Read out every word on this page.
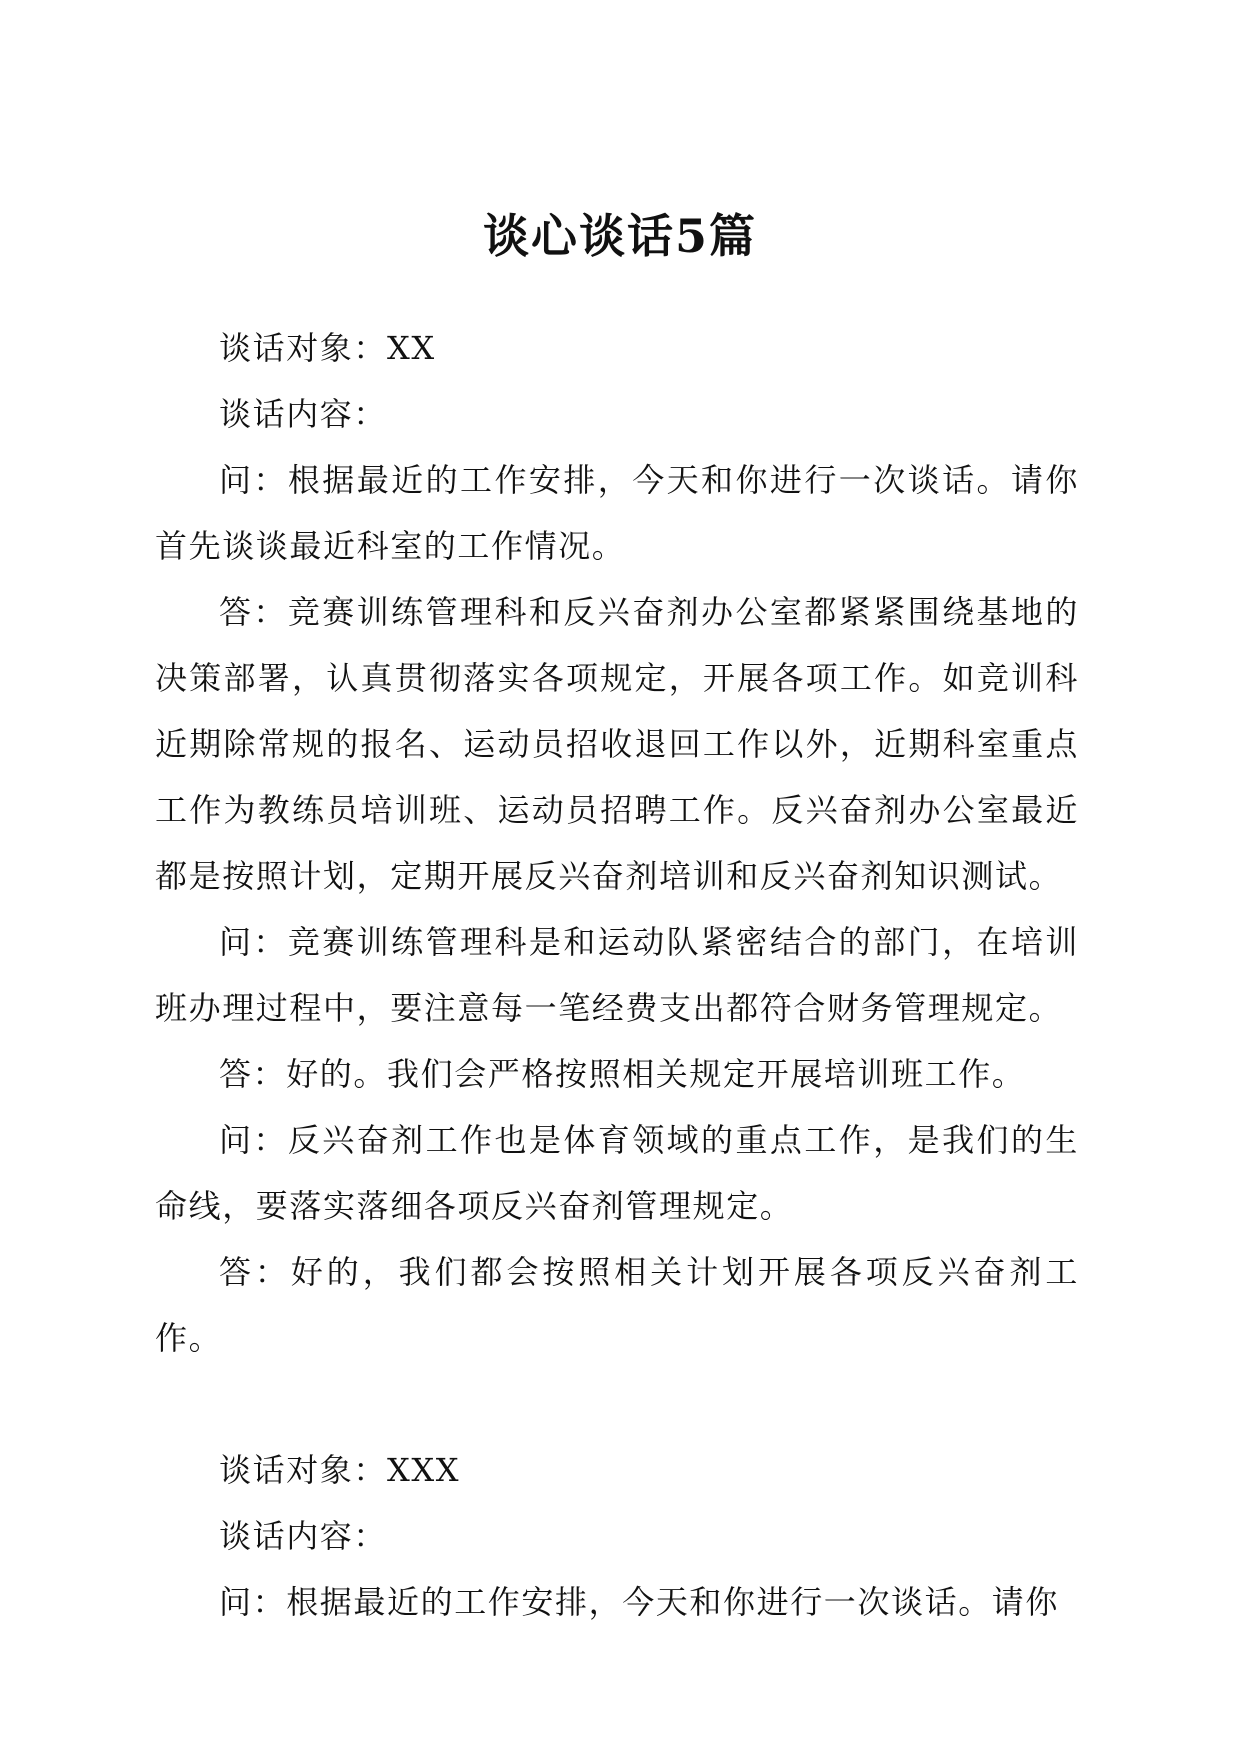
谈心谈话5篇

谈话对象：XX

谈话内容：

问：根据最近的工作安排，今天和你进行一次谈话。请你首先谈谈最近科室的工作情况。

答：竞赛训练管理科和反兴奋剂办公室都紧紧围绕基地的决策部署，认真贯彻落实各项规定，开展各项工作。如竞训科近期除常规的报名、运动员招收退回工作以外，近期科室重点工作为教练员培训班、运动员招聘工作。反兴奋剂办公室最近都是按照计划，定期开展反兴奋剂培训和反兴奋剂知识测试。

问：竞赛训练管理科是和运动队紧密结合的部门，在培训班办理过程中，要注意每一笔经费支出都符合财务管理规定。

答：好的。我们会严格按照相关规定开展培训班工作。

问：反兴奋剂工作也是体育领域的重点工作，是我们的生命线，要落实落细各项反兴奋剂管理规定。

答：好的，我们都会按照相关计划开展各项反兴奋剂工作。

谈话对象：XXX

谈话内容：

问：根据最近的工作安排，今天和你进行一次谈话。请你
